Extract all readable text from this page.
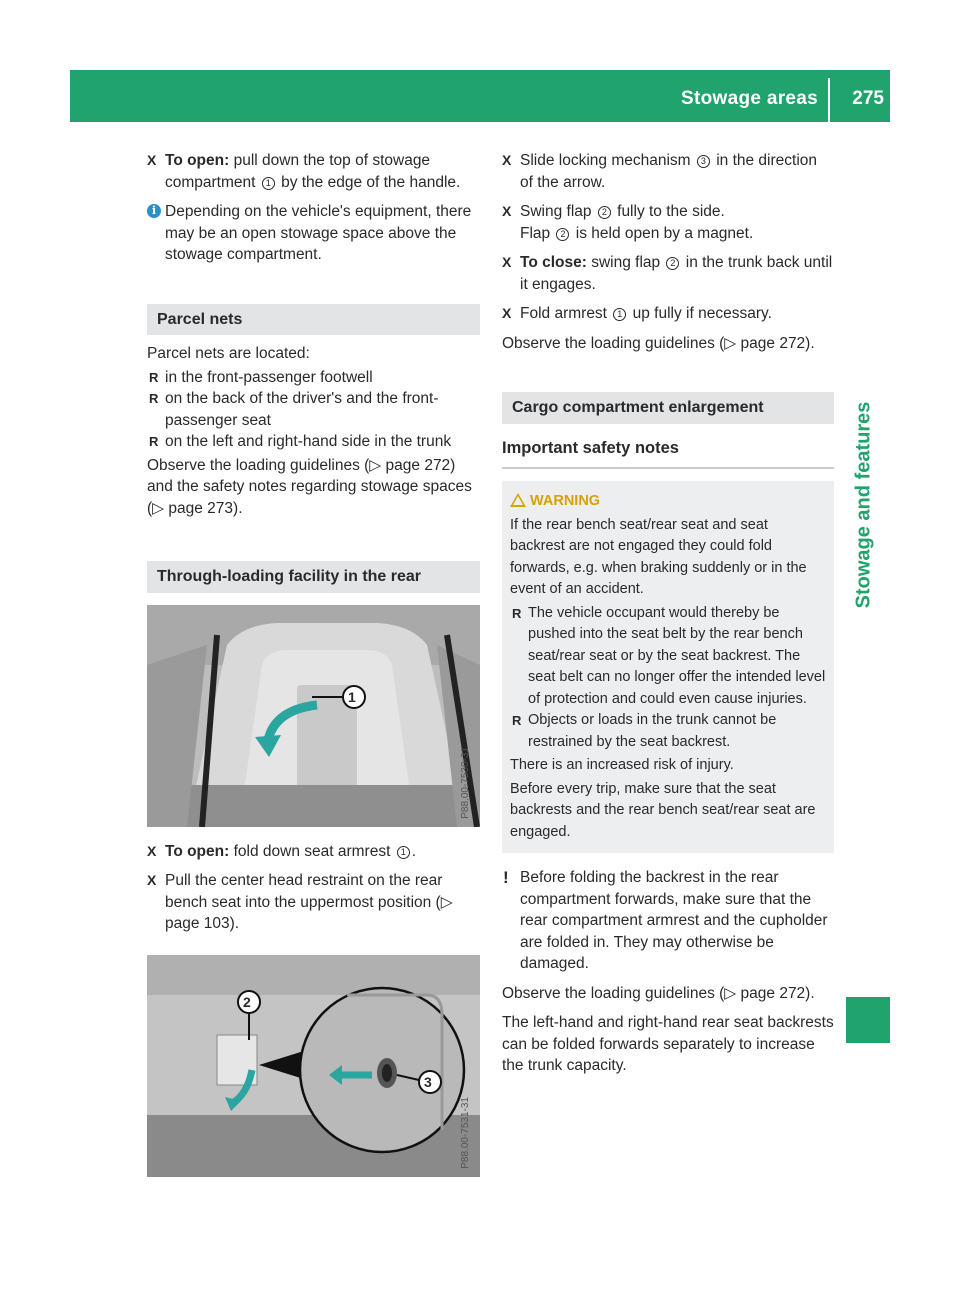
Stowage areas 275
Stowage and features
X To open: pull down the top of stowage compartment 1 by the edge of the handle.
i Depending on the vehicle's equipment, there may be an open stowage space above the stowage compartment.
Parcel nets
Parcel nets are located:
R in the front-passenger footwell
R on the back of the driver's and the front-passenger seat
R on the left and right-hand side in the trunk
Observe the loading guidelines (▷ page 272) and the safety notes regarding stowage spaces (▷ page 273).
Through-loading facility in the rear
1
P88.00-7530-31
X To open: fold down seat armrest 1 .
X Pull the center head restraint on the rear bench seat into the uppermost position (▷ page 103).
2
3
P88.00-7531-31
X Slide locking mechanism 3 in the direction of the arrow.
X Swing flap 2 fully to the side.
Flap 2 is held open by a magnet.
X To close: swing flap 2 in the trunk back until it engages.
X Fold armrest 1 up fully if necessary.
Observe the loading guidelines (▷ page 272).
Cargo compartment enlargement
Important safety notes
WARNING
If the rear bench seat/rear seat and seat backrest are not engaged they could fold forwards, e.g. when braking suddenly or in the event of an accident.
R The vehicle occupant would thereby be pushed into the seat belt by the rear bench seat/rear seat or by the seat backrest. The seat belt can no longer offer the intended level of protection and could even cause injuries.
R Objects or loads in the trunk cannot be restrained by the seat backrest.
There is an increased risk of injury.
Before every trip, make sure that the seat backrests and the rear bench seat/rear seat are engaged.
! Before folding the backrest in the rear compartment forwards, make sure that the rear compartment armrest and the cupholder are folded in. They may otherwise be damaged.
Observe the loading guidelines (▷ page 272).
The left-hand and right-hand rear seat backrests can be folded forwards separately to increase the trunk capacity.
